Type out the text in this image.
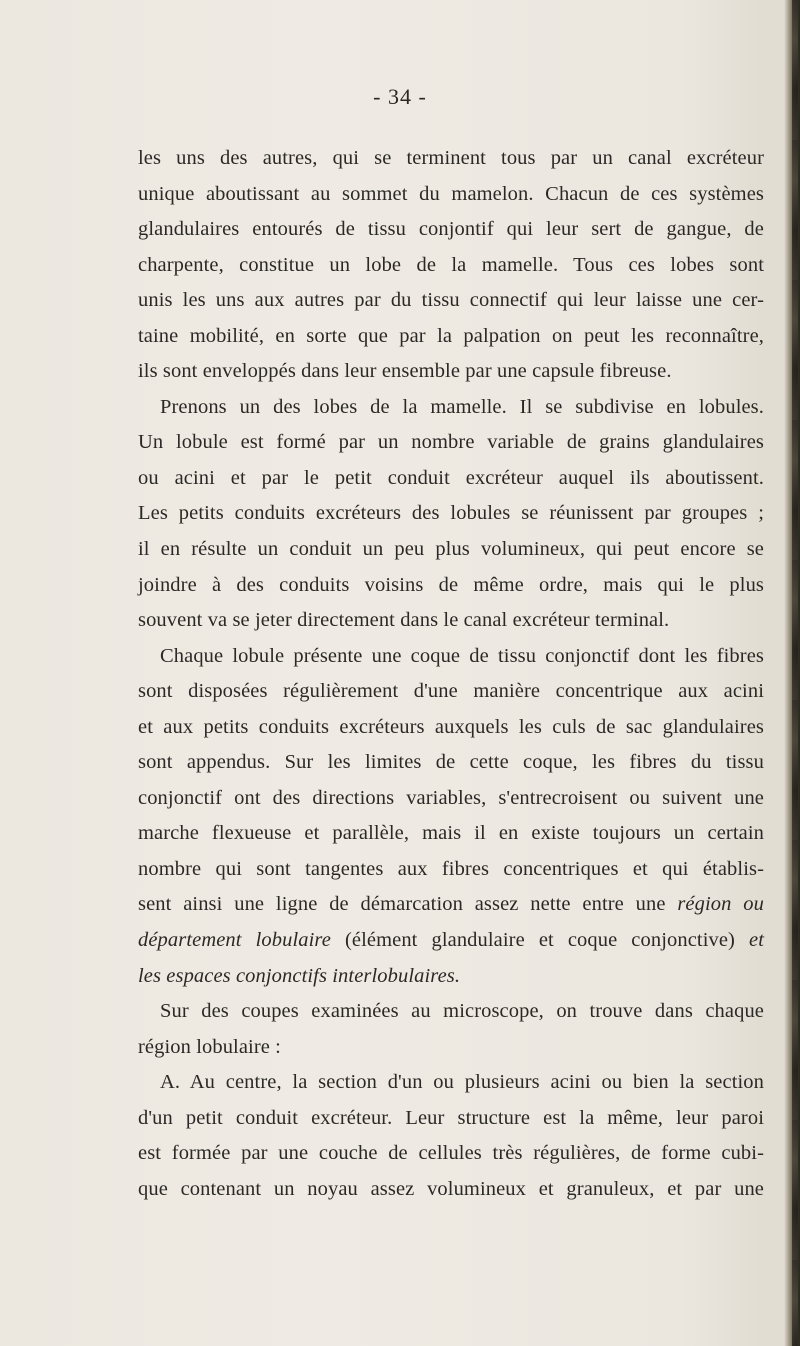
- 34 -
les uns des autres, qui se terminent tous par un canal excréteur
unique aboutissant au sommet du mamelon. Chacun de ces systèmes
glandulaires entourés de tissu conjontif qui leur sert de gangue, de
charpente, constitue un lobe de la mamelle. Tous ces lobes sont
unis les uns aux autres par du tissu connectif qui leur laisse une cer-
taine mobilité, en sorte que par la palpation on peut les reconnaître,
ils sont enveloppés dans leur ensemble par une capsule fibreuse.
Prenons un des lobes de la mamelle. Il se subdivise en lobules.
Un lobule est formé par un nombre variable de grains glandulaires
ou acini et par le petit conduit excréteur auquel ils aboutissent.
Les petits conduits excréteurs des lobules se réunissent par groupes ;
il en résulte un conduit un peu plus volumineux, qui peut encore se
joindre à des conduits voisins de même ordre, mais qui le plus
souvent va se jeter directement dans le canal excréteur terminal.
Chaque lobule présente une coque de tissu conjonctif dont les fibres
sont disposées régulièrement d'une manière concentrique aux acini
et aux petits conduits excréteurs auxquels les culs de sac glandulaires
sont appendus. Sur les limites de cette coque, les fibres du tissu
conjonctif ont des directions variables, s'entrecroisent ou suivent une
marche flexueuse et parallèle, mais il en existe toujours un certain
nombre qui sont tangentes aux fibres concentriques et qui établis-
sent ainsi une ligne de démarcation assez nette entre une région ou
département lobulaire (élément glandulaire et coque conjonctive) et
les espaces conjonctifs interlobulaires.
Sur des coupes examinées au microscope, on trouve dans chaque
région lobulaire :
A. Au centre, la section d'un ou plusieurs acini ou bien la section
d'un petit conduit excréteur. Leur structure est la même, leur paroi
est formée par une couche de cellules très régulières, de forme cubi-
que contenant un noyau assez volumineux et granuleux, et par une
